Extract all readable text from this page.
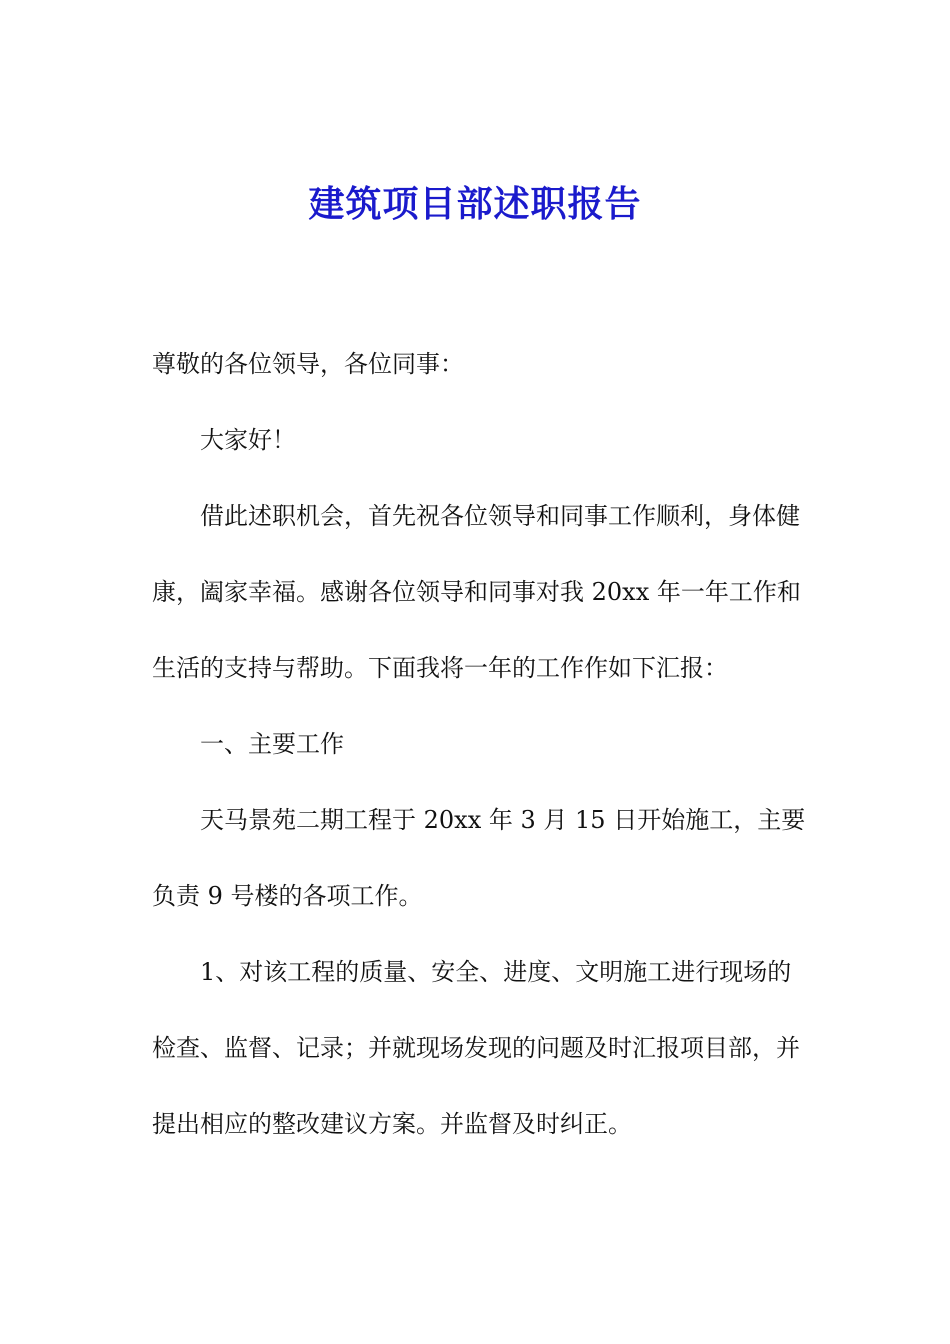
建筑项目部述职报告

尊敬的各位领导，各位同事：

大家好！

借此述职机会，首先祝各位领导和同事工作顺利，身体健康，阖家幸福。感谢各位领导和同事对我 20xx 年一年工作和生活的支持与帮助。下面我将一年的工作作如下汇报：

一、主要工作

天马景苑二期工程于 20xx 年 3 月 15 日开始施工，主要负责 9 号楼的各项工作。

1、对该工程的质量、安全、进度、文明施工进行现场的检查、监督、记录；并就现场发现的问题及时汇报项目部，并提出相应的整改建议方案。并监督及时纠正。
